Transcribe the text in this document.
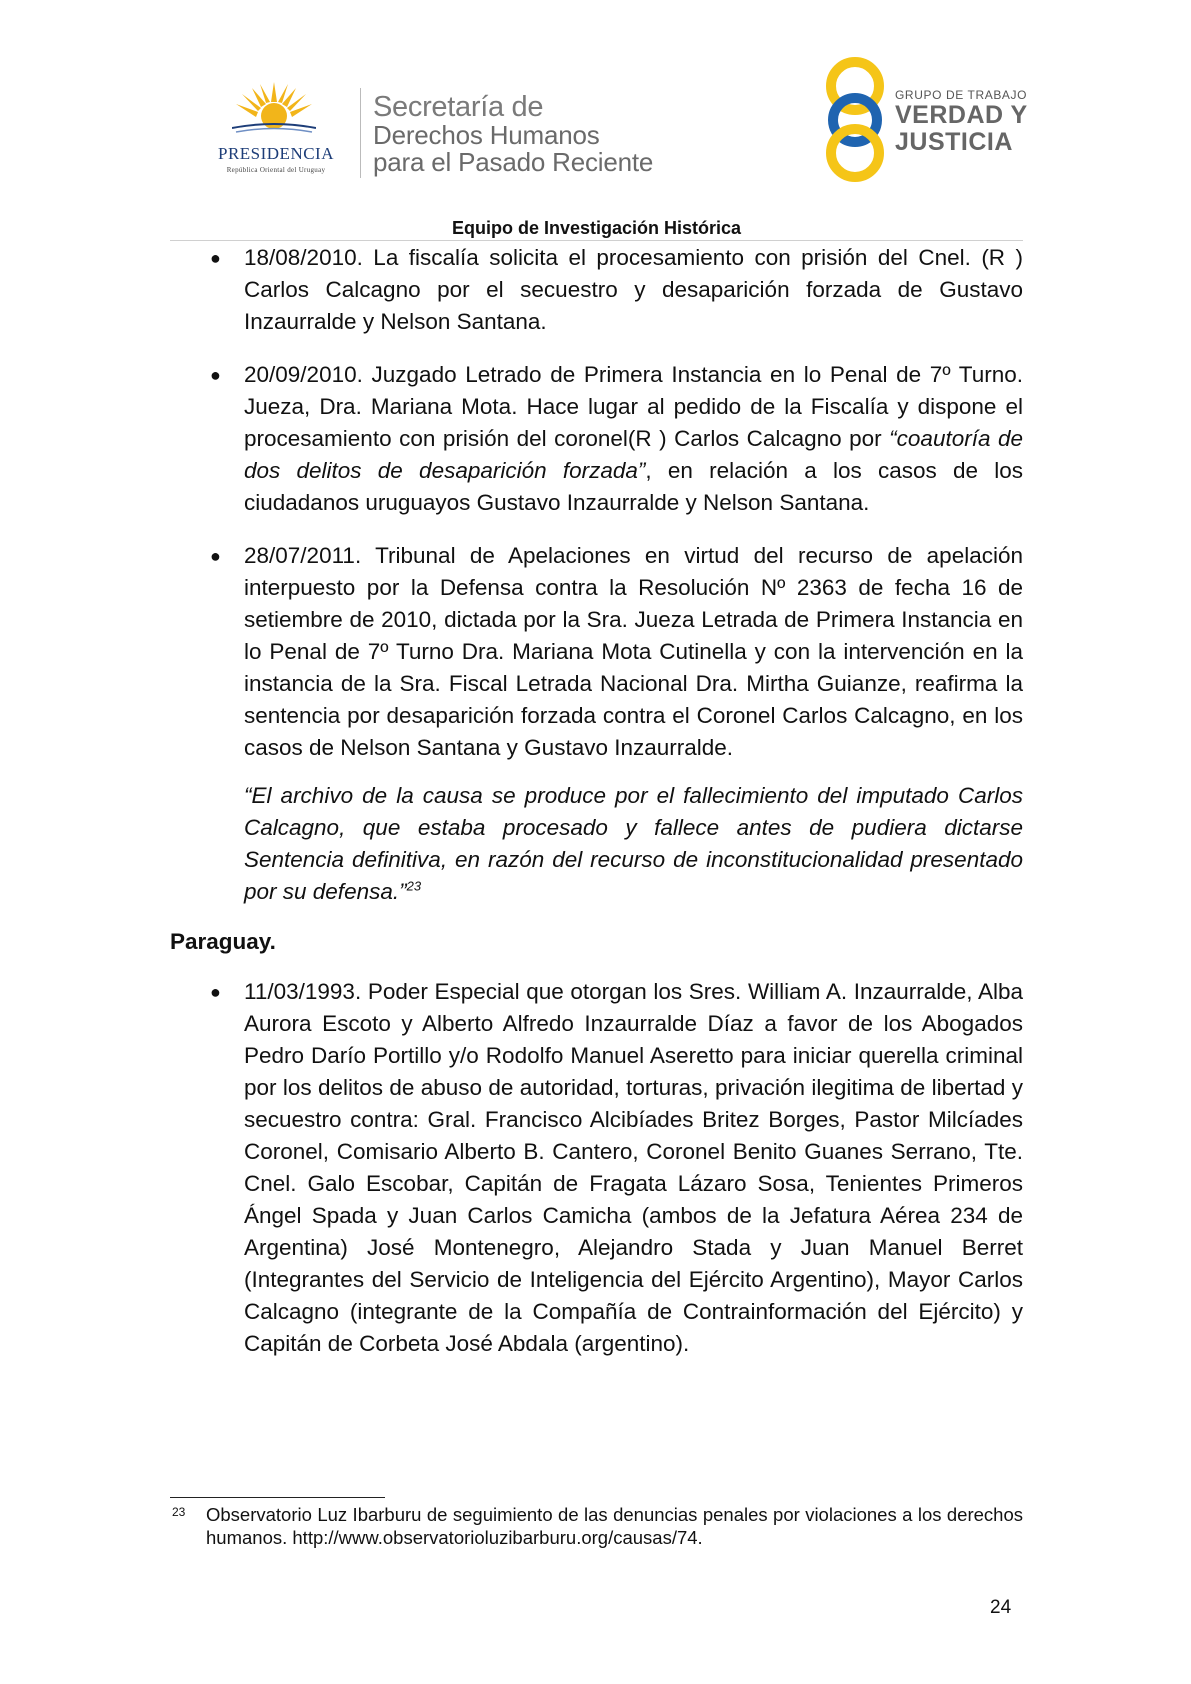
PRESIDENCIA
República Oriental del Uruguay
Secretaría de
Derechos Humanos
para el Pasado Reciente
GRUPO DE TRABAJO
VERDAD Y
JUSTICIA
Equipo de Investigación Histórica
● 18/08/2010. La fiscalía solicita el procesamiento con prisión del Cnel. (R ) Carlos Calcagno por el secuestro y desaparición forzada de Gustavo Inzaurralde y Nelson Santana.
● 20/09/2010. Juzgado Letrado de Primera Instancia en lo Penal de 7º Turno. Jueza, Dra. Mariana Mota. Hace lugar al pedido de la Fiscalía y dispone el procesamiento con prisión del coronel(R ) Carlos Calcagno por “coautoría de dos delitos de desaparición forzada”, en relación a los casos de los ciudadanos uruguayos Gustavo Inzaurralde y Nelson Santana.
● 28/07/2011. Tribunal de Apelaciones en virtud del recurso de apelación interpuesto por la Defensa contra la Resolución Nº 2363 de fecha 16 de setiembre de 2010, dictada por la Sra. Jueza Letrada de Primera Instancia en lo Penal de 7º Turno Dra. Mariana Mota Cutinella y con la intervención en la instancia de la Sra. Fiscal Letrada Nacional Dra. Mirtha Guianze, reafirma la sentencia por desaparición forzada contra el Coronel Carlos Calcagno, en los casos de Nelson Santana y Gustavo Inzaurralde.

“El archivo de la causa se produce por el fallecimiento del imputado Carlos Calcagno, que estaba procesado y fallece antes de pudiera dictarse Sentencia definitiva, en razón del recurso de inconstitucionalidad presentado por su defensa.”$^{23}$

Paraguay.
● 11/03/1993. Poder Especial que otorgan los Sres. William A. Inzaurralde, Alba Aurora Escoto y Alberto Alfredo Inzaurralde Díaz a favor de los Abogados Pedro Darío Portillo y/o Rodolfo Manuel Aseretto para iniciar querella criminal por los delitos de abuso de autoridad, torturas, privación ilegitima de libertad y secuestro contra: Gral. Francisco Alcibíades Britez Borges, Pastor Milcíades Coronel, Comisario Alberto B. Cantero, Coronel Benito Guanes Serrano, Tte. Cnel. Galo Escobar, Capitán de Fragata Lázaro Sosa, Tenientes Primeros Ángel Spada y Juan Carlos Camicha (ambos de la Jefatura Aérea 234 de Argentina) José Montenegro, Alejandro Stada y Juan Manuel Berret (Integrantes del Servicio de Inteligencia del Ejército Argentino), Mayor Carlos Calcagno (integrante de la Compañía de Contrainformación del Ejército) y Capitán de Corbeta José Abdala (argentino).
23	Observatorio Luz Ibarburu de seguimiento de las denuncias penales por violaciones a los derechos humanos. http://www.observatorioluzibarburu.org/causas/74.
24
